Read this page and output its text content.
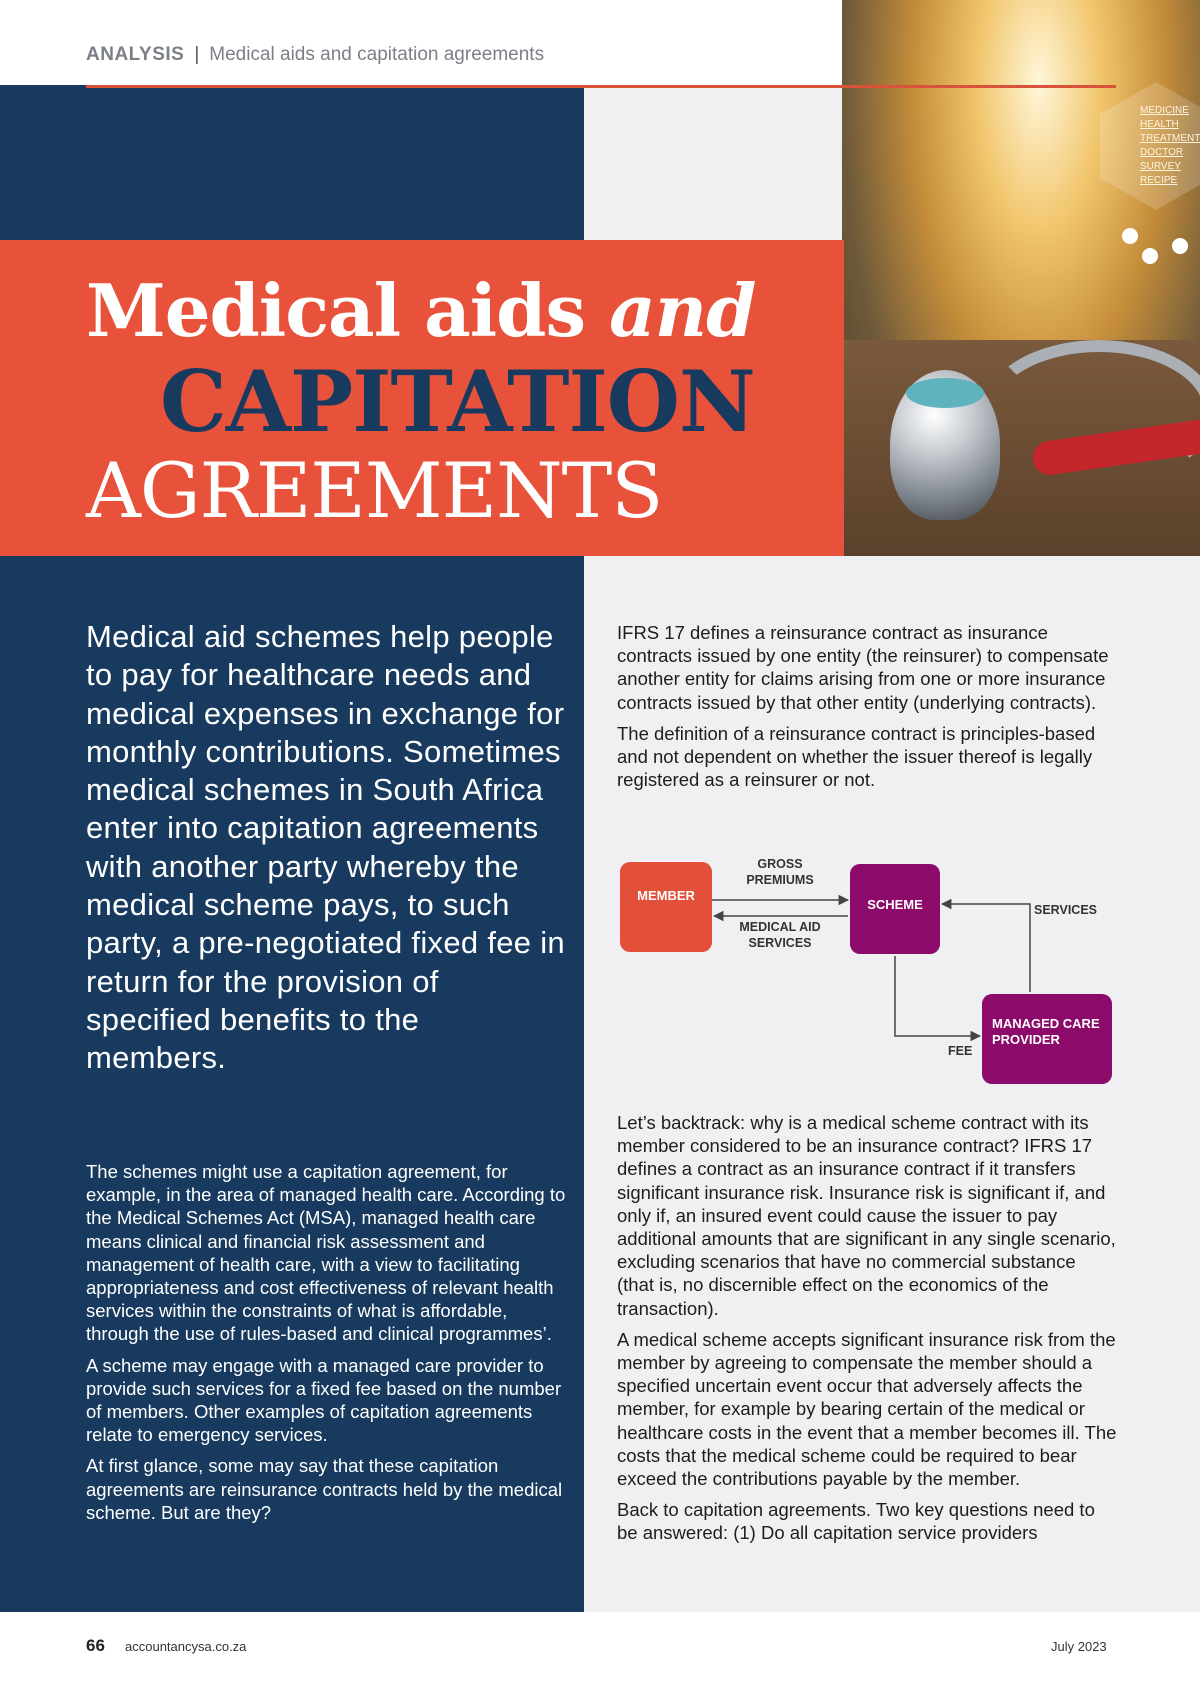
ANALYSIS | Medical aids and capitation agreements
MEDICINE
HEALTH
TREATMENT
DOCTOR
SURVEY
RECIPE
Medical aids and
CAPITATION
AGREEMENTS
Medical aid schemes help people to pay for healthcare needs and medical expenses in exchange for monthly contributions. Sometimes medical schemes in South Africa enter into capitation agreements with another party whereby the medical scheme pays, to such party, a pre-negotiated fixed fee in return for the provision of specified benefits to the members.

The schemes might use a capitation agreement, for example, in the area of managed health care. According to the Medical Schemes Act (MSA), managed health care means clinical and financial risk assessment and management of health care, with a view to facilitating appropriateness and cost effectiveness of relevant health services within the constraints of what is affordable, through the use of rules-based and clinical programmes’.

A scheme may engage with a managed care provider to provide such services for a fixed fee based on the number of members. Other examples of capitation agreements relate to emergency services.

At first glance, some may say that these capitation agreements are reinsurance contracts held by the medical scheme. But are they?

IFRS 17 defines a reinsurance contract as insurance contracts issued by one entity (the reinsurer) to compensate another entity for claims arising from one or more insurance contracts issued by that other entity (underlying contracts).

The definition of a reinsurance contract is principles-based and not dependent on whether the issuer thereof is legally registered as a reinsurer or not.

MEMBER
SCHEME
MANAGED CARE
PROVIDER
GROSS
PREMIUMS
MEDICAL AID
SERVICES
SERVICES
FEE

Let’s backtrack: why is a medical scheme contract with its member considered to be an insurance contract? IFRS 17 defines a contract as an insurance contract if it transfers significant insurance risk. Insurance risk is significant if, and only if, an insured event could cause the issuer to pay additional amounts that are significant in any single scenario, excluding scenarios that have no commercial substance (that is, no discernible effect on the economics of the transaction).

A medical scheme accepts significant insurance risk from the member by agreeing to compensate the member should a specified uncertain event occur that adversely affects the member, for example by bearing certain of the medical or healthcare costs in the event that a member becomes ill. The costs that the medical scheme could be required to bear exceed the contributions payable by the member.

Back to capitation agreements. Two key questions need to be answered: (1) Do all capitation service providers

66 accountancysa.co.za	July 2023
